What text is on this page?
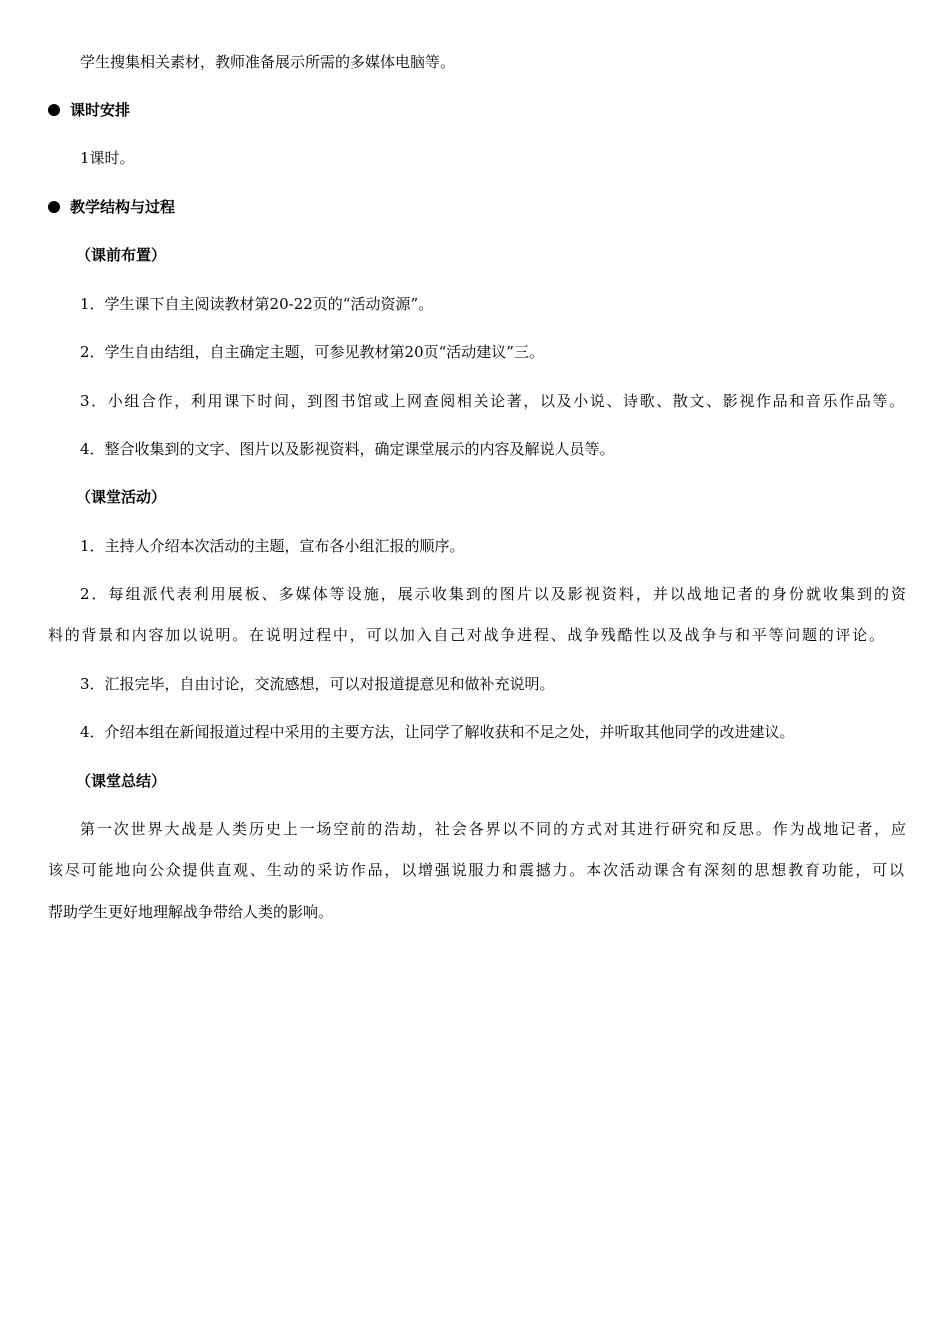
学生搜集相关素材，教师准备展示所需的多媒体电脑等。
课时安排
1课时。
教学结构与过程
（课前布置）
1．学生课下自主阅读教材第20-22页的“活动资源”。
2．学生自由结组，自主确定主题，可参见教材第20页“活动建议”三。
3．小组合作，利用课下时间，到图书馆或上网查阅相关论著，以及小说、诗歌、散文、影视作品和音乐作品等。
4．整合收集到的文字、图片以及影视资料，确定课堂展示的内容及解说人员等。
（课堂活动）
1．主持人介绍本次活动的主题，宣布各小组汇报的顺序。
2．每组派代表利用展板、多媒体等设施，展示收集到的图片以及影视资料，并以战地记者的身份就收集到的资
料的背景和内容加以说明。在说明过程中，可以加入自己对战争进程、战争残酷性以及战争与和平等问题的评论。
3．汇报完毕，自由讨论，交流感想，可以对报道提意见和做补充说明。
4．介绍本组在新闻报道过程中采用的主要方法，让同学了解收获和不足之处，并听取其他同学的改进建议。
（课堂总结）
第一次世界大战是人类历史上一场空前的浩劫，社会各界以不同的方式对其进行研究和反思。作为战地记者，应
该尽可能地向公众提供直观、生动的采访作品，以增强说服力和震撼力。本次活动课含有深刻的思想教育功能，可以
帮助学生更好地理解战争带给人类的影响。
